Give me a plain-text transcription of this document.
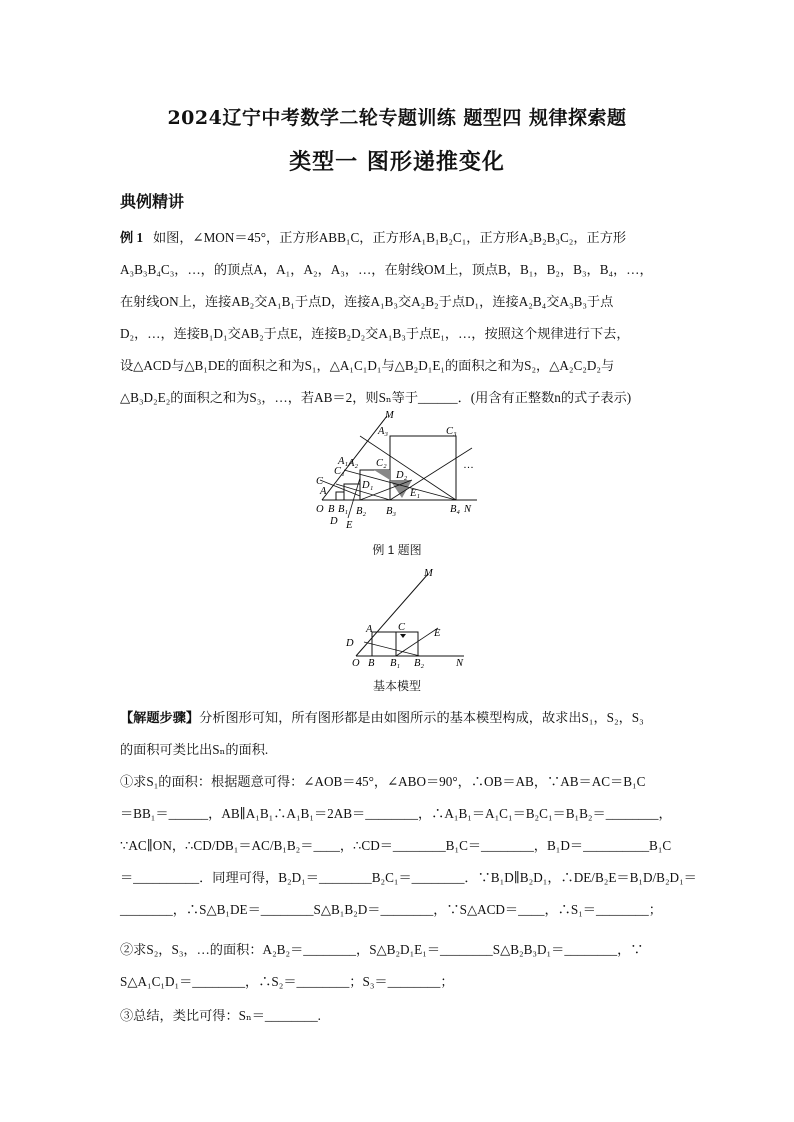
2024辽宁中考数学二轮专题训练 题型四 规律探索题
类型一 图形递推变化
典例精讲
例 1 如图，∠MON＝45°，正方形ABB₁C，正方形A₁B₁B₂C₁，正方形A₂B₂B₃C₂，正方形
A₃B₃B₄C₃，…，的顶点A，A₁，A₂，A₃，…，在射线OM上，顶点B，B₁，B₂，B₃，B₄，…，
在射线ON上，连接AB₂交A₁B₁于点D，连接A₁B₃交A₂B₂于点D₁，连接A₂B₄交A₃B₃于点
D₂，…，连接B₁D₁交AB₂于点E，连接B₂D₂交A₁B₃于点E₁，…，按照这个规律进行下去，
设△ACD与△B₁DE的面积之和为S₁，△A₁C₁D₁与△B₂D₁E₁的面积之和为S₂，△A₂C₂D₂与
△B₃D₂E₂的面积之和为S₃，…，若AB＝2，则Sₙ等于______．(用含有正整数n的式子表示)
M
A₃	C₃
A₂ C₂
C₁
A₁
D₁
D₂
E₁
C
A
D E
O B B₁ B₂ B₃	B₄ N
…
例 1 题图
M
A C
E
D
O B B₁ B₂	N
基本模型
【解题步骤】分析图形可知，所有图形都是由如图所示的基本模型构成，故求出S₁，S₂，S₃
的面积可类比出Sₙ的面积.
①求S₁的面积：根据题意可得：∠AOB＝45°，∠ABO＝90°，∴OB＝AB，∵AB＝AC＝B₁C
＝BB₁＝______，AB∥A₁B₁∴A₁B₁＝2AB＝________，∴A₁B₁＝A₁C₁＝B₂C₁＝B₁B₂＝________，
∵AC∥ON，∴CD/DB₁＝AC/B₁B₂＝____，∴CD＝________B₁C＝________，B₁D＝__________B₁C
＝__________．同理可得，B₂D₁＝________B₂C₁＝________．∵B₁D∥B₂D₁，∴DE/B₂E＝B₁D/B₂D₁＝
________，∴S△B₁DE＝________S△B₁B₂D＝________，∵S△ACD＝____，∴S₁＝________；
②求S₂，S₃，…的面积：A₂B₂＝________，S△B₂D₁E₁＝________S△B₂B₃D₁＝________，∵
S△A₁C₁D₁＝________，∴S₂＝________；S₃＝________；
③总结，类比可得：Sₙ＝________.
